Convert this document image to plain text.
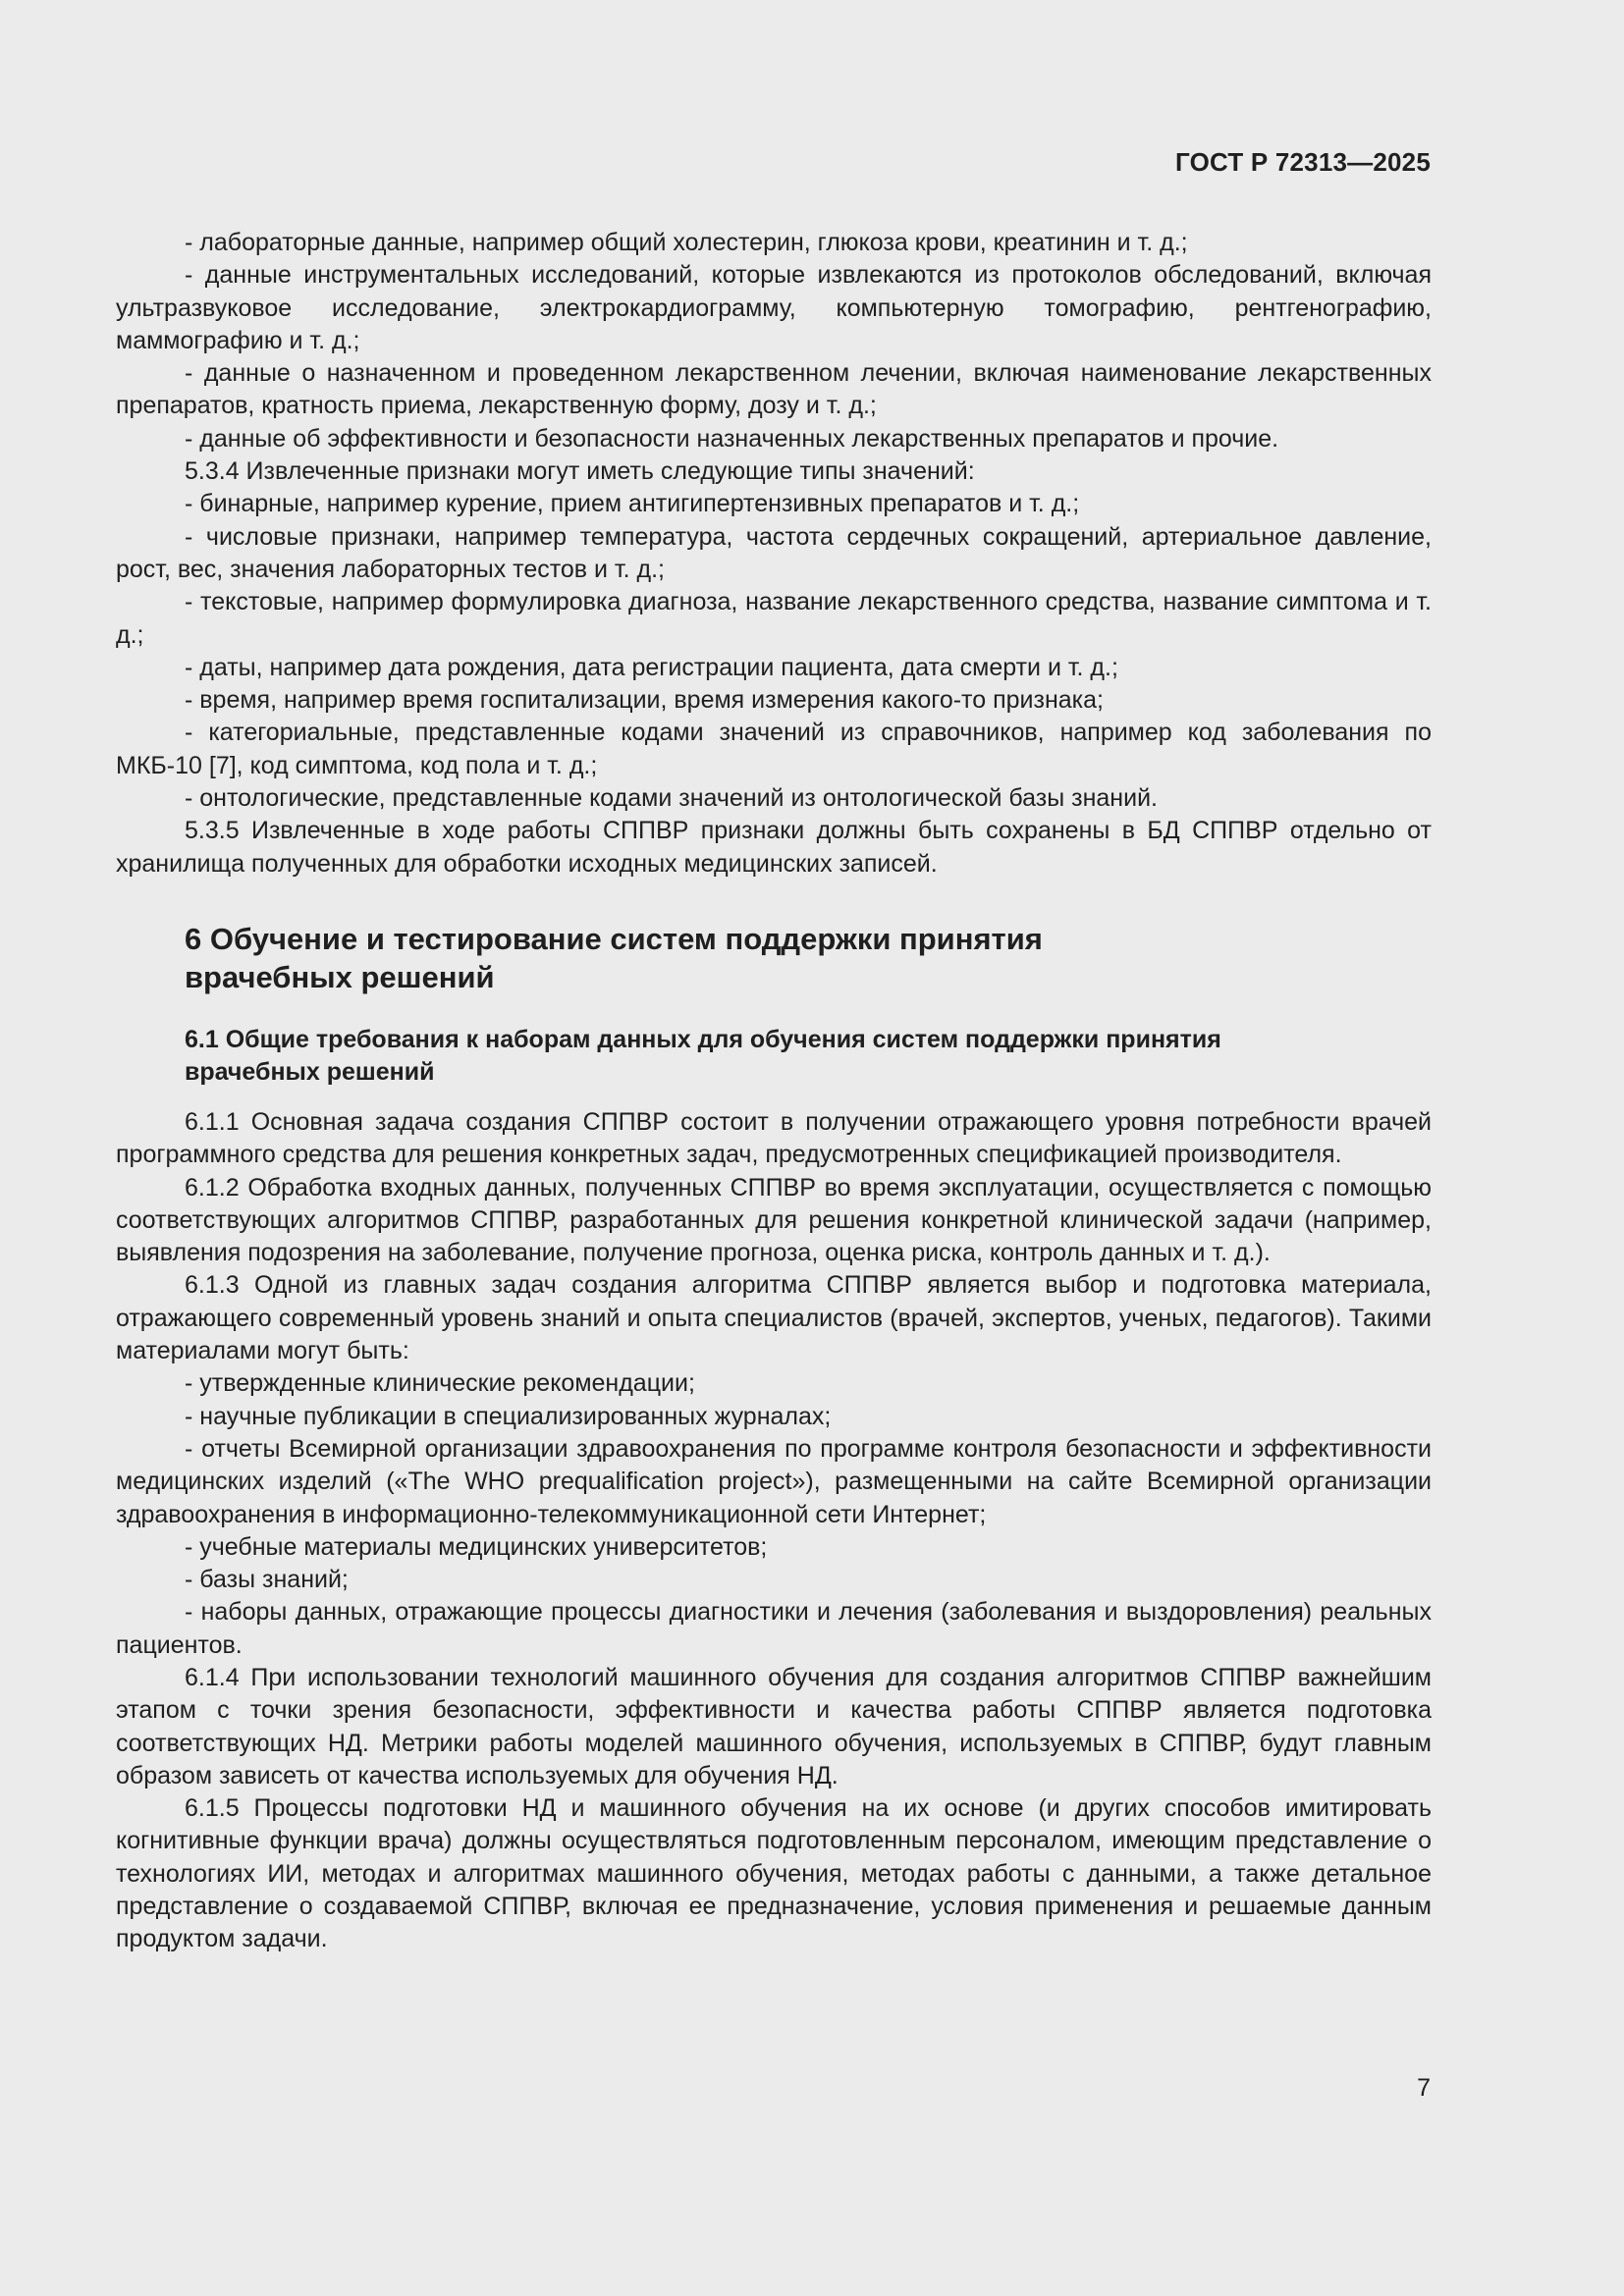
ГОСТ Р 72313—2025

- лабораторные данные, например общий холестерин, глюкоза крови, креатинин и т. д.;

- данные инструментальных исследований, которые извлекаются из протоколов обследований, включая ультразвуковое исследование, электрокардиограмму, компьютерную томографию, рентгенографию, маммографию и т. д.;

- данные о назначенном и проведенном лекарственном лечении, включая наименование лекарственных препаратов, кратность приема, лекарственную форму, дозу и т. д.;

- данные об эффективности и безопасности назначенных лекарственных препаратов и прочие.

5.3.4 Извлеченные признаки могут иметь следующие типы значений:

- бинарные, например курение, прием антигипертензивных препаратов и т. д.;

- числовые признаки, например температура, частота сердечных сокращений, артериальное давление, рост, вес, значения лабораторных тестов и т. д.;

- текстовые, например формулировка диагноза, название лекарственного средства, название симптома и т. д.;

- даты, например дата рождения, дата регистрации пациента, дата смерти и т. д.;

- время, например время госпитализации, время измерения какого-то признака;

- категориальные, представленные кодами значений из справочников, например код заболевания по МКБ-10 [7], код симптома, код пола и т. д.;

- онтологические, представленные кодами значений из онтологической базы знаний.

5.3.5 Извлеченные в ходе работы СППВР признаки должны быть сохранены в БД СППВР отдельно от хранилища полученных для обработки исходных медицинских записей.

6 Обучение и тестирование систем поддержки принятия
врачебных решений
6.1 Общие требования к наборам данных для обучения систем поддержки принятия
врачебных решений

6.1.1 Основная задача создания СППВР состоит в получении отражающего уровня потребности врачей программного средства для решения конкретных задач, предусмотренных спецификацией производителя.

6.1.2 Обработка входных данных, полученных СППВР во время эксплуатации, осуществляется с помощью соответствующих алгоритмов СППВР, разработанных для решения конкретной клинической задачи (например, выявления подозрения на заболевание, получение прогноза, оценка риска, контроль данных и т. д.).

6.1.3 Одной из главных задач создания алгоритма СППВР является выбор и подготовка материала, отражающего современный уровень знаний и опыта специалистов (врачей, экспертов, ученых, педагогов). Такими материалами могут быть:

- утвержденные клинические рекомендации;

- научные публикации в специализированных журналах;

- отчеты Всемирной организации здравоохранения по программе контроля безопасности и эффективности медицинских изделий («The WHO prequalification project»), размещенными на сайте Всемирной организации здравоохранения в информационно-телекоммуникационной сети Интернет;

- учебные материалы медицинских университетов;

- базы знаний;

- наборы данных, отражающие процессы диагностики и лечения (заболевания и выздоровления) реальных пациентов.

6.1.4 При использовании технологий машинного обучения для создания алгоритмов СППВР важнейшим этапом с точки зрения безопасности, эффективности и качества работы СППВР является подготовка соответствующих НД. Метрики работы моделей машинного обучения, используемых в СППВР, будут главным образом зависеть от качества используемых для обучения НД.

6.1.5 Процессы подготовки НД и машинного обучения на их основе (и других способов имитировать когнитивные функции врача) должны осуществляться подготовленным персоналом, имеющим представление о технологиях ИИ, методах и алгоритмах машинного обучения, методах работы с данными, а также детальное представление о создаваемой СППВР, включая ее предназначение, условия применения и решаемые данным продуктом задачи.

7
